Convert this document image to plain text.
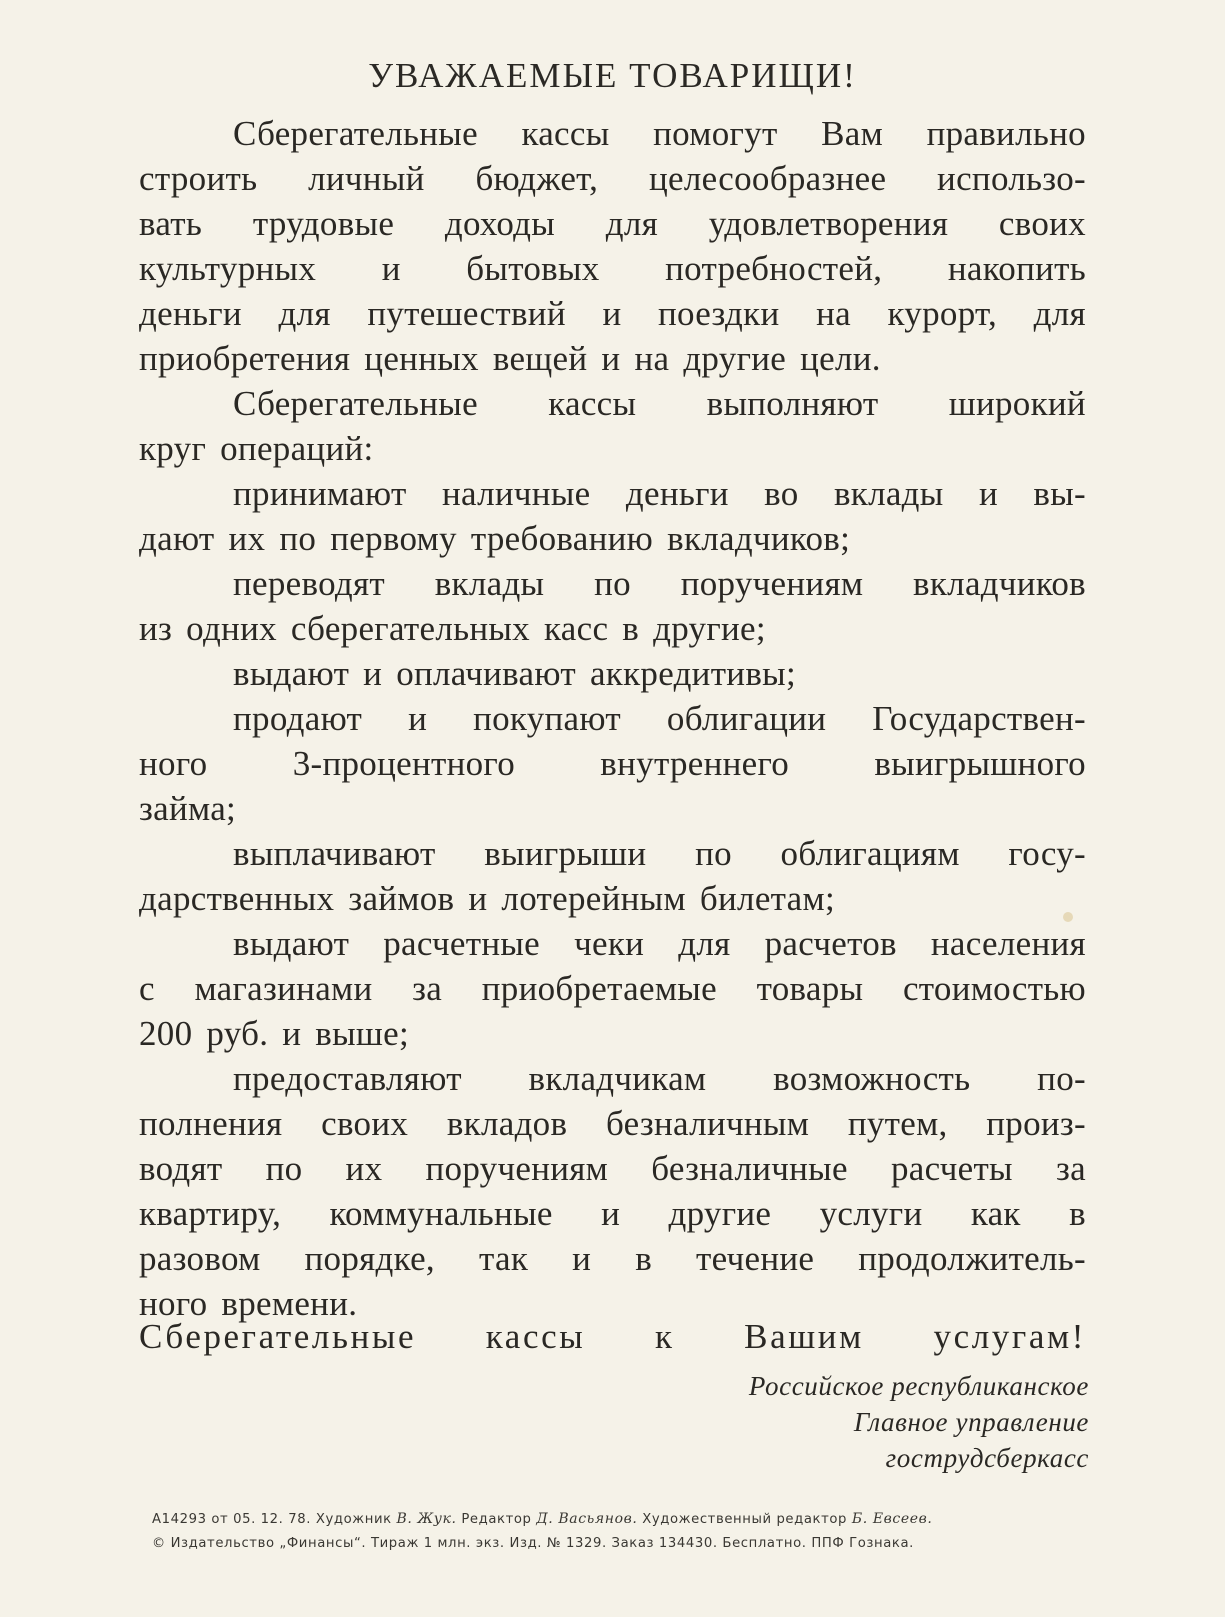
УВАЖАЕМЫЕ ТОВАРИЩИ!
Сберегательные кассы помогут Вам правильно
строить личный бюджет, целесообразнее использо-
вать трудовые доходы для удовлетворения своих
культурных и бытовых потребностей, накопить
деньги для путешествий и поездки на курорт, для
приобретения ценных вещей и на другие цели.
Сберегательные кассы выполняют широкий
круг операций:
принимают наличные деньги во вклады и вы-
дают их по первому требованию вкладчиков;
переводят вклады по поручениям вкладчиков
из одних сберегательных касс в другие;
выдают и оплачивают аккредитивы;
продают и покупают облигации Государствен-
ного 3-процентного внутреннего выигрышного
займа;
выплачивают выигрыши по облигациям госу-
дарственных займов и лотерейным билетам;
выдают расчетные чеки для расчетов населения
с магазинами за приобретаемые товары стоимостью
200 руб. и выше;
предоставляют вкладчикам возможность по-
полнения своих вкладов безналичным путем, произ-
водят по их поручениям безналичные расчеты за
квартиру, коммунальные и другие услуги как в
разовом порядке, так и в течение продолжитель-
ного времени.
Сберегательные кассы к Вашим услугам!
Российское республиканское
Главное управление
гострудсберкасс
А14293 от 05. 12. 78. Художник В. Жук. Редактор Д. Васьянов. Художественный редактор Б. Евсеев.
© Издательство „Финансы“. Тираж 1 млн. экз. Изд. № 1329. Заказ 134430. Бесплатно. ППФ Гознака.
